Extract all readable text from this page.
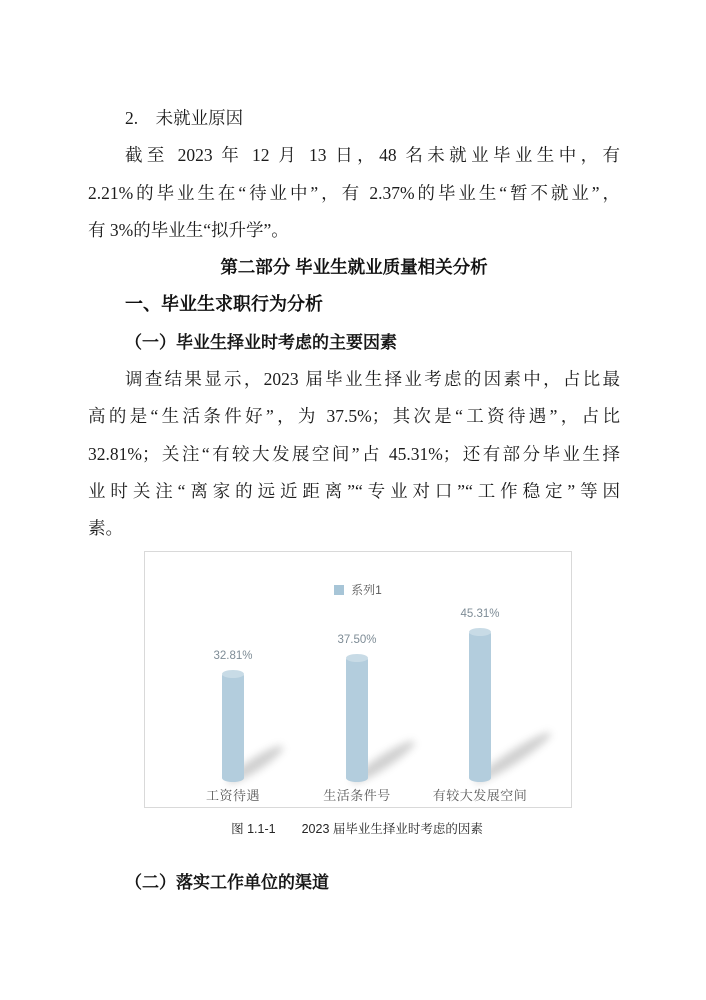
2.　未就业原因
截至 2023 年 12 月 13 日，48 名未就业毕业生中，有
2.21%的毕业生在“待业中”，有 2.37%的毕业生“暂不就业”，
有 3%的毕业生“拟升学”。
第二部分 毕业生就业质量相关分析
一、毕业生求职行为分析
（一）毕业生择业时考虑的主要因素
调查结果显示，2023 届毕业生择业考虑的因素中，占比最
高的是“生活条件好”，为 37.5%；其次是“工资待遇”，占比
32.81%；关注“有较大发展空间”占 45.31%；还有部分毕业生择
业时关注“离家的远近距离”“专业对口”“工作稳定”等因
素。
系列1
32.81%
工资待遇
37.50%
生活条件号
45.31%
有较大发展空间
图 1.1-1 2023 届毕业生择业时考虑的因素
（二）落实工作单位的渠道
